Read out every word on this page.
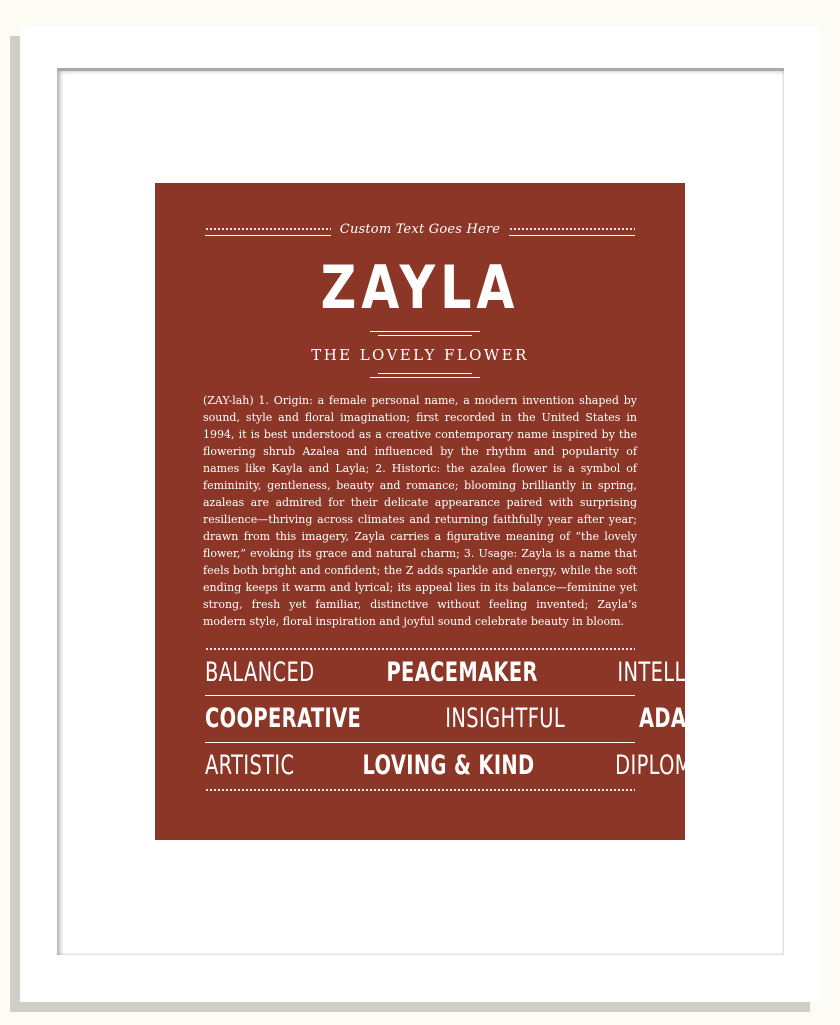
Custom Text Goes Here
ZAYLA
THE LOVELY FLOWER
(ZAY-lah) 1. Origin: a female personal name, a modern invention shaped by sound, style and floral imagination; first recorded in the United States in 1994, it is best understood as a creative contemporary name inspired by the flowering shrub Azalea and influenced by the rhythm and popularity of names like Kayla and Layla; 2. Historic: the azalea flower is a symbol of femininity, gentleness, beauty and romance; blooming brilliantly in spring, azaleas are admired for their delicate appearance paired with surprising resilience—thriving across climates and returning faithfully year after year; drawn from this imagery, Zayla carries a figurative meaning of “the lovely flower,” evoking its grace and natural charm; 3. Usage: Zayla is a name that feels both bright and confident; the Z adds sparkle and energy, while the soft ending keeps it warm and lyrical; its appeal lies in its balance—feminine yet strong, fresh yet familiar, distinctive without feeling invented; Zayla’s modern style, floral inspiration and joyful sound celebrate beauty in bloom.
BALANCED	PEACEMAKER	INTELLIGENT
COOPERATIVE	INSIGHTFUL	ADAPTABLE
ARTISTIC	LOVING & KIND	DIPLOMATIC
